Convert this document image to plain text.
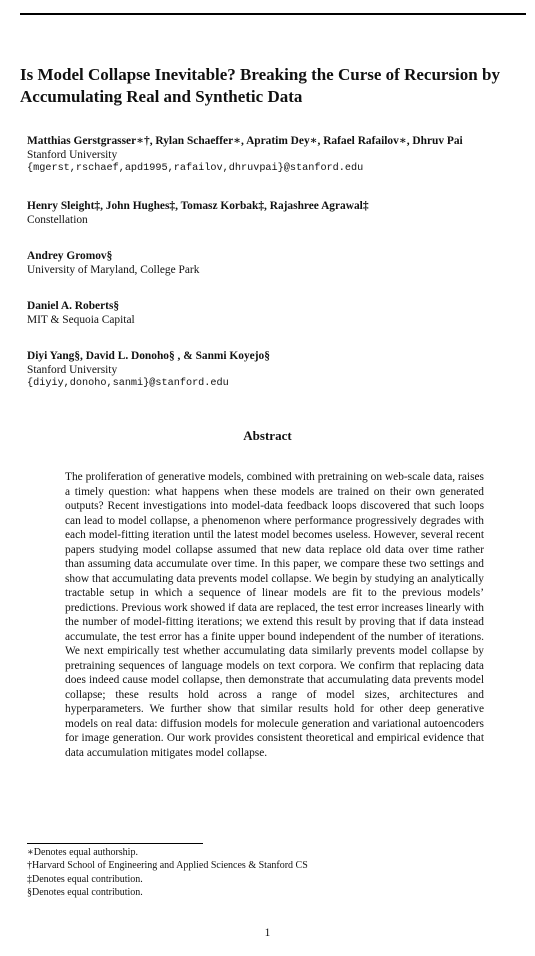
Is Model Collapse Inevitable? Breaking the Curse of Recursion by Accumulating Real and Synthetic Data
Matthias Gerstgrasser∗†, Rylan Schaeffer∗, Apratim Dey∗, Rafael Rafailov∗, Dhruv Pai
Stanford University
{mgerst,rschaef,apd1995,rafailov,dhruvpai}@stanford.edu
Henry Sleight‡, John Hughes‡, Tomasz Korbak‡, Rajashree Agrawal‡
Constellation
Andrey Gromov§
University of Maryland, College Park
Daniel A. Roberts§
MIT & Sequoia Capital
Diyi Yang§, David L. Donoho§ , & Sanmi Koyejo§
Stanford University
{diyiy,donoho,sanmi}@stanford.edu
Abstract

The proliferation of generative models, combined with pretraining on web-scale data, raises a timely question: what happens when these models are trained on their own generated outputs? Recent investigations into model-data feedback loops discovered that such loops can lead to model collapse, a phenomenon where performance progressively degrades with each model-fitting iteration until the latest model becomes useless. However, several recent papers studying model collapse assumed that new data replace old data over time rather than assuming data accumulate over time. In this paper, we compare these two settings and show that accumulating data prevents model collapse. We begin by studying an analytically tractable setup in which a sequence of linear models are fit to the previous models’ predictions. Previous work showed if data are replaced, the test error increases linearly with the number of model-fitting iterations; we extend this result by proving that if data instead accumulate, the test error has a finite upper bound independent of the number of iterations. We next empirically test whether accumulating data similarly prevents model collapse by pretraining sequences of language models on text corpora. We confirm that replacing data does indeed cause model collapse, then demonstrate that accumulating data prevents model collapse; these results hold across a range of model sizes, architectures and hyperparameters. We further show that similar results hold for other deep generative models on real data: diffusion models for molecule generation and variational autoencoders for image generation. Our work provides consistent theoretical and empirical evidence that data accumulation mitigates model collapse.

∗Denotes equal authorship.
†Harvard School of Engineering and Applied Sciences & Stanford CS
‡Denotes equal contribution.
§Denotes equal contribution.
1
